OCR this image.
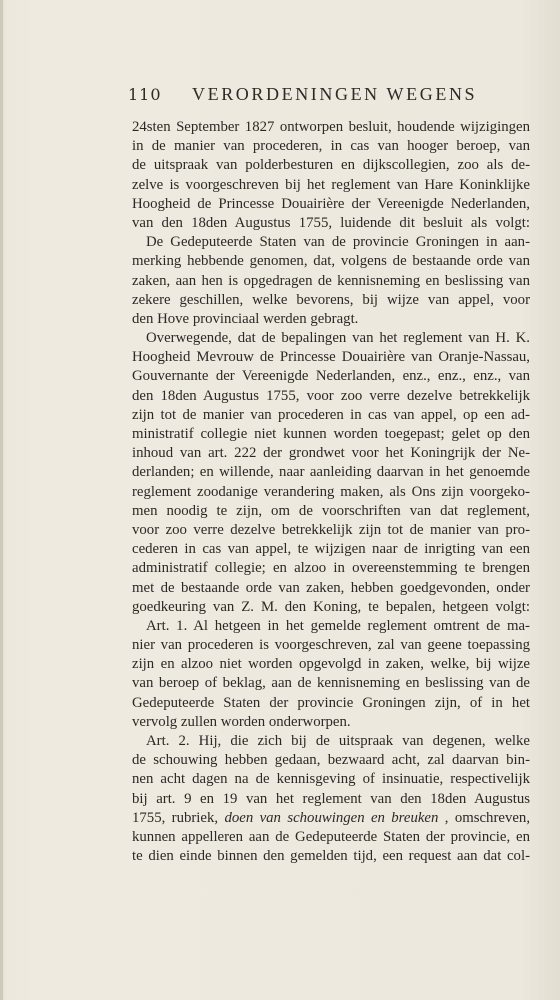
110 VERORDENINGEN WEGENS
24sten September 1827 ontworpen besluit, houdende wijzigingen
in de manier van procederen, in cas van hooger beroep, van
de uitspraak van polderbesturen en dijkscollegien, zoo als de-
zelve is voorgeschreven bij het reglement van Hare Koninklijke
Hoogheid de Princesse Douairière der Vereenigde Nederlanden,
van den 18den Augustus 1755, luidende dit besluit als volgt:
De Gedeputeerde Staten van de provincie Groningen in aan-
merking hebbende genomen, dat, volgens de bestaande orde van
zaken, aan hen is opgedragen de kennisneming en beslissing van
zekere geschillen, welke bevorens, bij wijze van appel, voor
den Hove provinciaal werden gebragt.
Overwegende, dat de bepalingen van het reglement van H. K.
Hoogheid Mevrouw de Princesse Douairière van Oranje-Nassau,
Gouvernante der Vereenigde Nederlanden, enz., enz., enz., van
den 18den Augustus 1755, voor zoo verre dezelve betrekkelijk
zijn tot de manier van procederen in cas van appel, op een ad-
ministratif collegie niet kunnen worden toegepast; gelet op den
inhoud van art. 222 der grondwet voor het Koningrijk der Ne-
derlanden; en willende, naar aanleiding daarvan in het genoemde
reglement zoodanige verandering maken, als Ons zijn voorgeko-
men noodig te zijn, om de voorschriften van dat reglement,
voor zoo verre dezelve betrekkelijk zijn tot de manier van pro-
cederen in cas van appel, te wijzigen naar de inrigting van een
administratif collegie; en alzoo in overeenstemming te brengen
met de bestaande orde van zaken, hebben goedgevonden, onder
goedkeuring van Z. M. den Koning, te bepalen, hetgeen volgt:
Art. 1. Al hetgeen in het gemelde reglement omtrent de ma-
nier van procederen is voorgeschreven, zal van geene toepassing
zijn en alzoo niet worden opgevolgd in zaken, welke, bij wijze
van beroep of beklag, aan de kennisneming en beslissing van de
Gedeputeerde Staten der provincie Groningen zijn, of in het
vervolg zullen worden onderworpen.
Art. 2. Hij, die zich bij de uitspraak van degenen, welke
de schouwing hebben gedaan, bezwaard acht, zal daarvan bin-
nen acht dagen na de kennisgeving of insinuatie, respectivelijk
bij art. 9 en 19 van het reglement van den 18den Augustus
1755, rubriek, doen van schouwingen en breuken , omschreven,
kunnen appelleren aan de Gedeputeerde Staten der provincie, en
te dien einde binnen den gemelden tijd, een request aan dat col-
